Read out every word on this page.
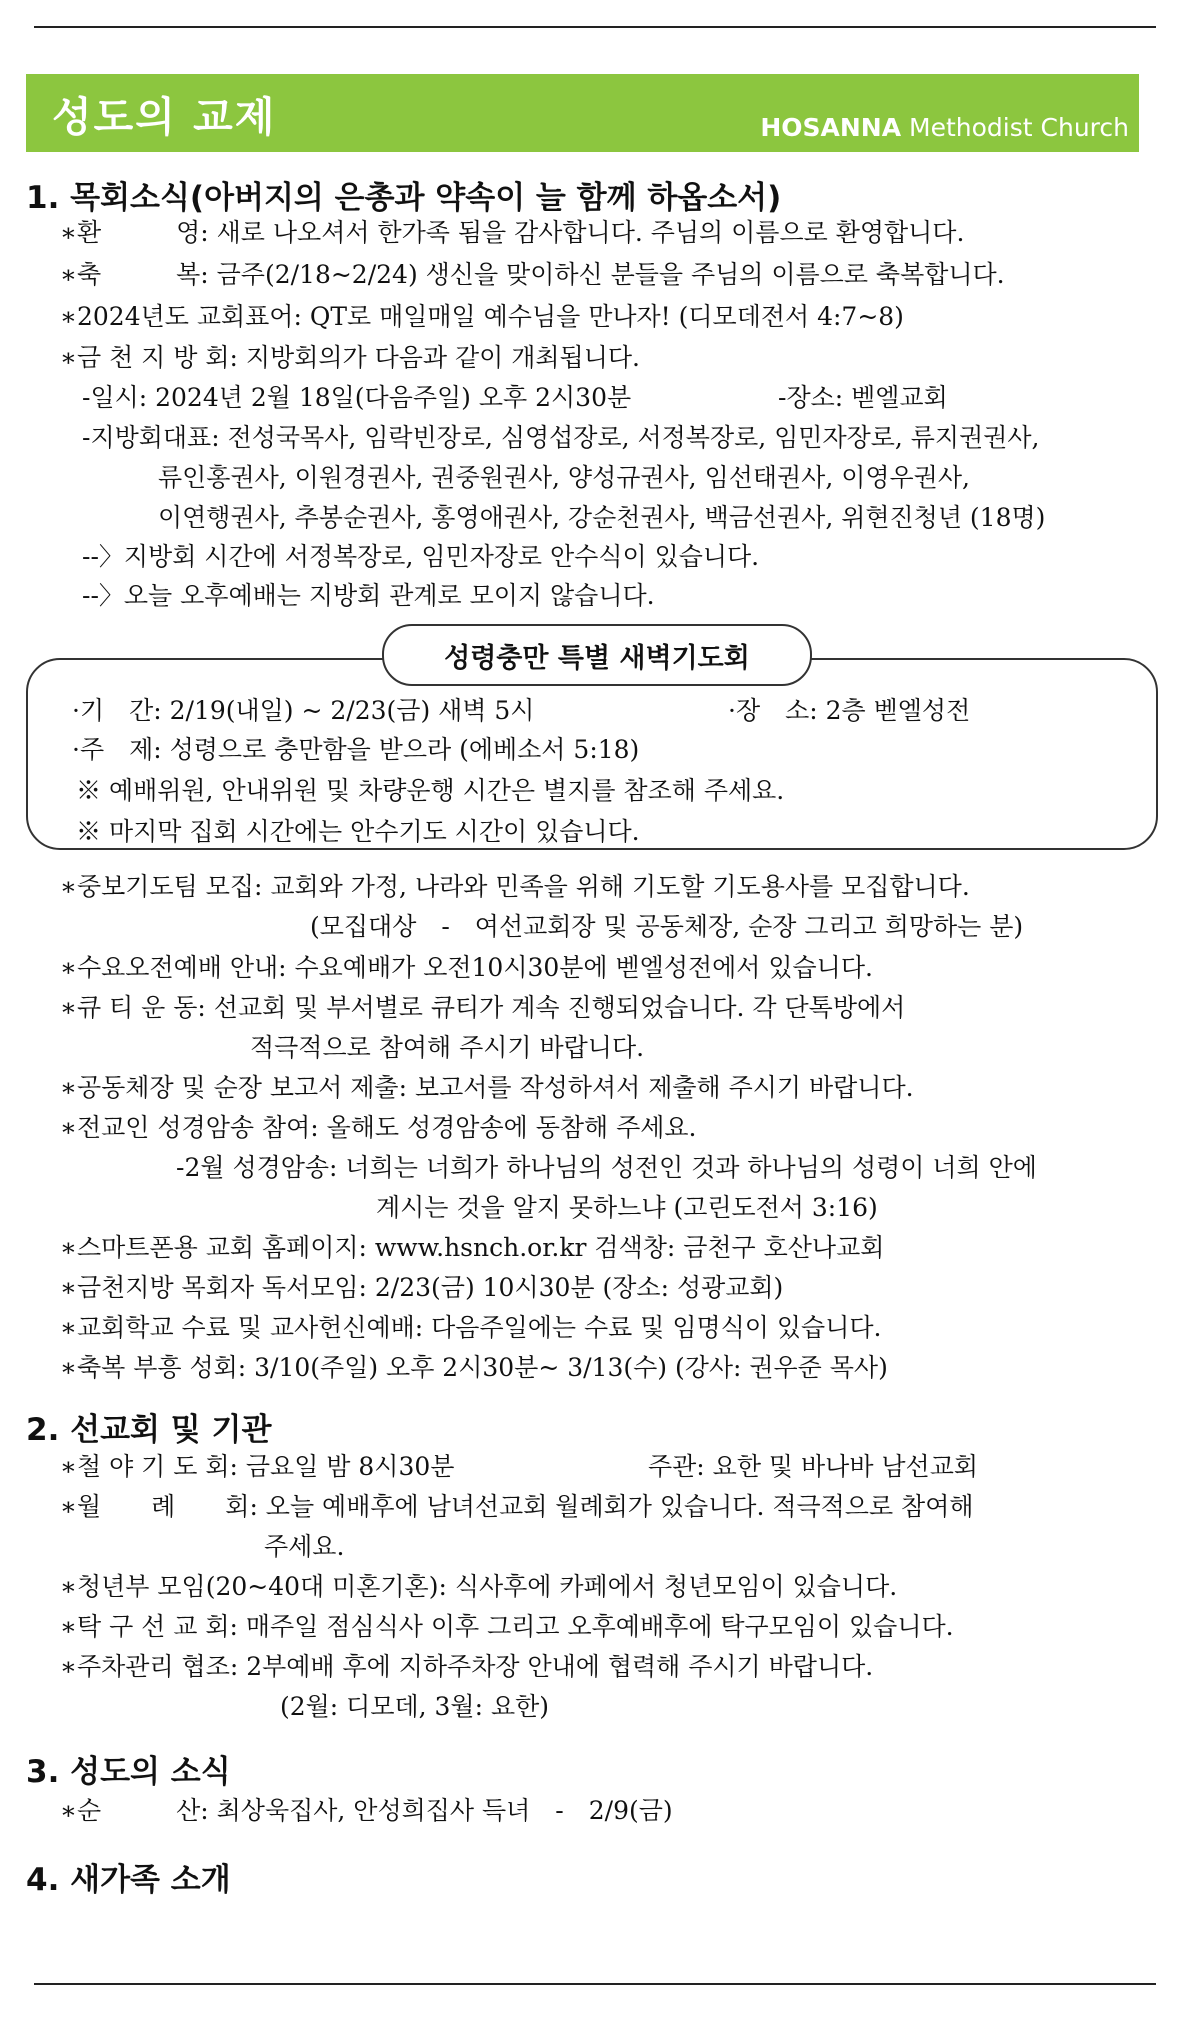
성도의 교제	HOSANNA Methodist Church
1. 목회소식(아버지의 은총과 약속이 늘 함께 하옵소서)
∗환　　　영: 새로 나오셔서 한가족 됨을 감사합니다. 주님의 이름으로 환영합니다.
∗축　　　복: 금주(2/18~2/24) 생신을 맞이하신 분들을 주님의 이름으로 축복합니다.
∗2024년도 교회표어: QT로 매일매일 예수님을 만나자! (디모데전서 4:7~8)
∗금 천 지 방 회: 지방회의가 다음과 같이 개최됩니다.
-일시: 2024년 2월 18일(다음주일) 오후 2시30분	-장소: 벧엘교회
-지방회대표: 전성국목사, 임락빈장로, 심영섭장로, 서정복장로, 임민자장로, 류지권권사,
류인홍권사, 이원경권사, 권중원권사, 양성규권사, 임선태권사, 이영우권사,
이연행권사, 추봉순권사, 홍영애권사, 강순천권사, 백금선권사, 위현진청년 (18명)
--〉지방회 시간에 서정복장로, 임민자장로 안수식이 있습니다.
--〉오늘 오후예배는 지방회 관계로 모이지 않습니다.
성령충만 특별 새벽기도회
·기　간: 2/19(내일) ~ 2/23(금) 새벽 5시	·장　소: 2층 벧엘성전
·주　제: 성령으로 충만함을 받으라 (에베소서 5:18)
※ 예배위원, 안내위원 및 차량운행 시간은 별지를 참조해 주세요.
※ 마지막 집회 시간에는 안수기도 시간이 있습니다.
∗중보기도팀 모집: 교회와 가정, 나라와 민족을 위해 기도할 기도용사를 모집합니다.
(모집대상　-　여선교회장 및 공동체장, 순장 그리고 희망하는 분)
∗수요오전예배 안내: 수요예배가 오전10시30분에 벧엘성전에서 있습니다.
∗큐 티 운 동: 선교회 및 부서별로 큐티가 계속 진행되었습니다. 각 단톡방에서
적극적으로 참여해 주시기 바랍니다.
∗공동체장 및 순장 보고서 제출: 보고서를 작성하셔서 제출해 주시기 바랍니다.
∗전교인 성경암송 참여: 올해도 성경암송에 동참해 주세요.
-2월 성경암송: 너희는 너희가 하나님의 성전인 것과 하나님의 성령이 너희 안에
계시는 것을 알지 못하느냐 (고린도전서 3:16)
∗스마트폰용 교회 홈페이지: www.hsnch.or.kr 검색창: 금천구 호산나교회
∗금천지방 목회자 독서모임: 2/23(금) 10시30분 (장소: 성광교회)
∗교회학교 수료 및 교사헌신예배: 다음주일에는 수료 및 임명식이 있습니다.
∗축복 부흥 성회: 3/10(주일) 오후 2시30분~ 3/13(수) (강사: 권우준 목사)
2. 선교회 및 기관
∗철 야 기 도 회: 금요일 밤 8시30분	주관: 요한 및 바나바 남선교회
∗월　　례　　회: 오늘 예배후에 남녀선교회 월례회가 있습니다. 적극적으로 참여해
주세요.
∗청년부 모임(20~40대 미혼기혼): 식사후에 카페에서 청년모임이 있습니다.
∗탁 구 선 교 회: 매주일 점심식사 이후 그리고 오후예배후에 탁구모임이 있습니다.
∗주차관리 협조: 2부예배 후에 지하주차장 안내에 협력해 주시기 바랍니다.
(2월: 디모데, 3월: 요한)
3. 성도의 소식
∗순　　　산: 최상욱집사, 안성희집사 득녀　-　2/9(금)
4. 새가족 소개
